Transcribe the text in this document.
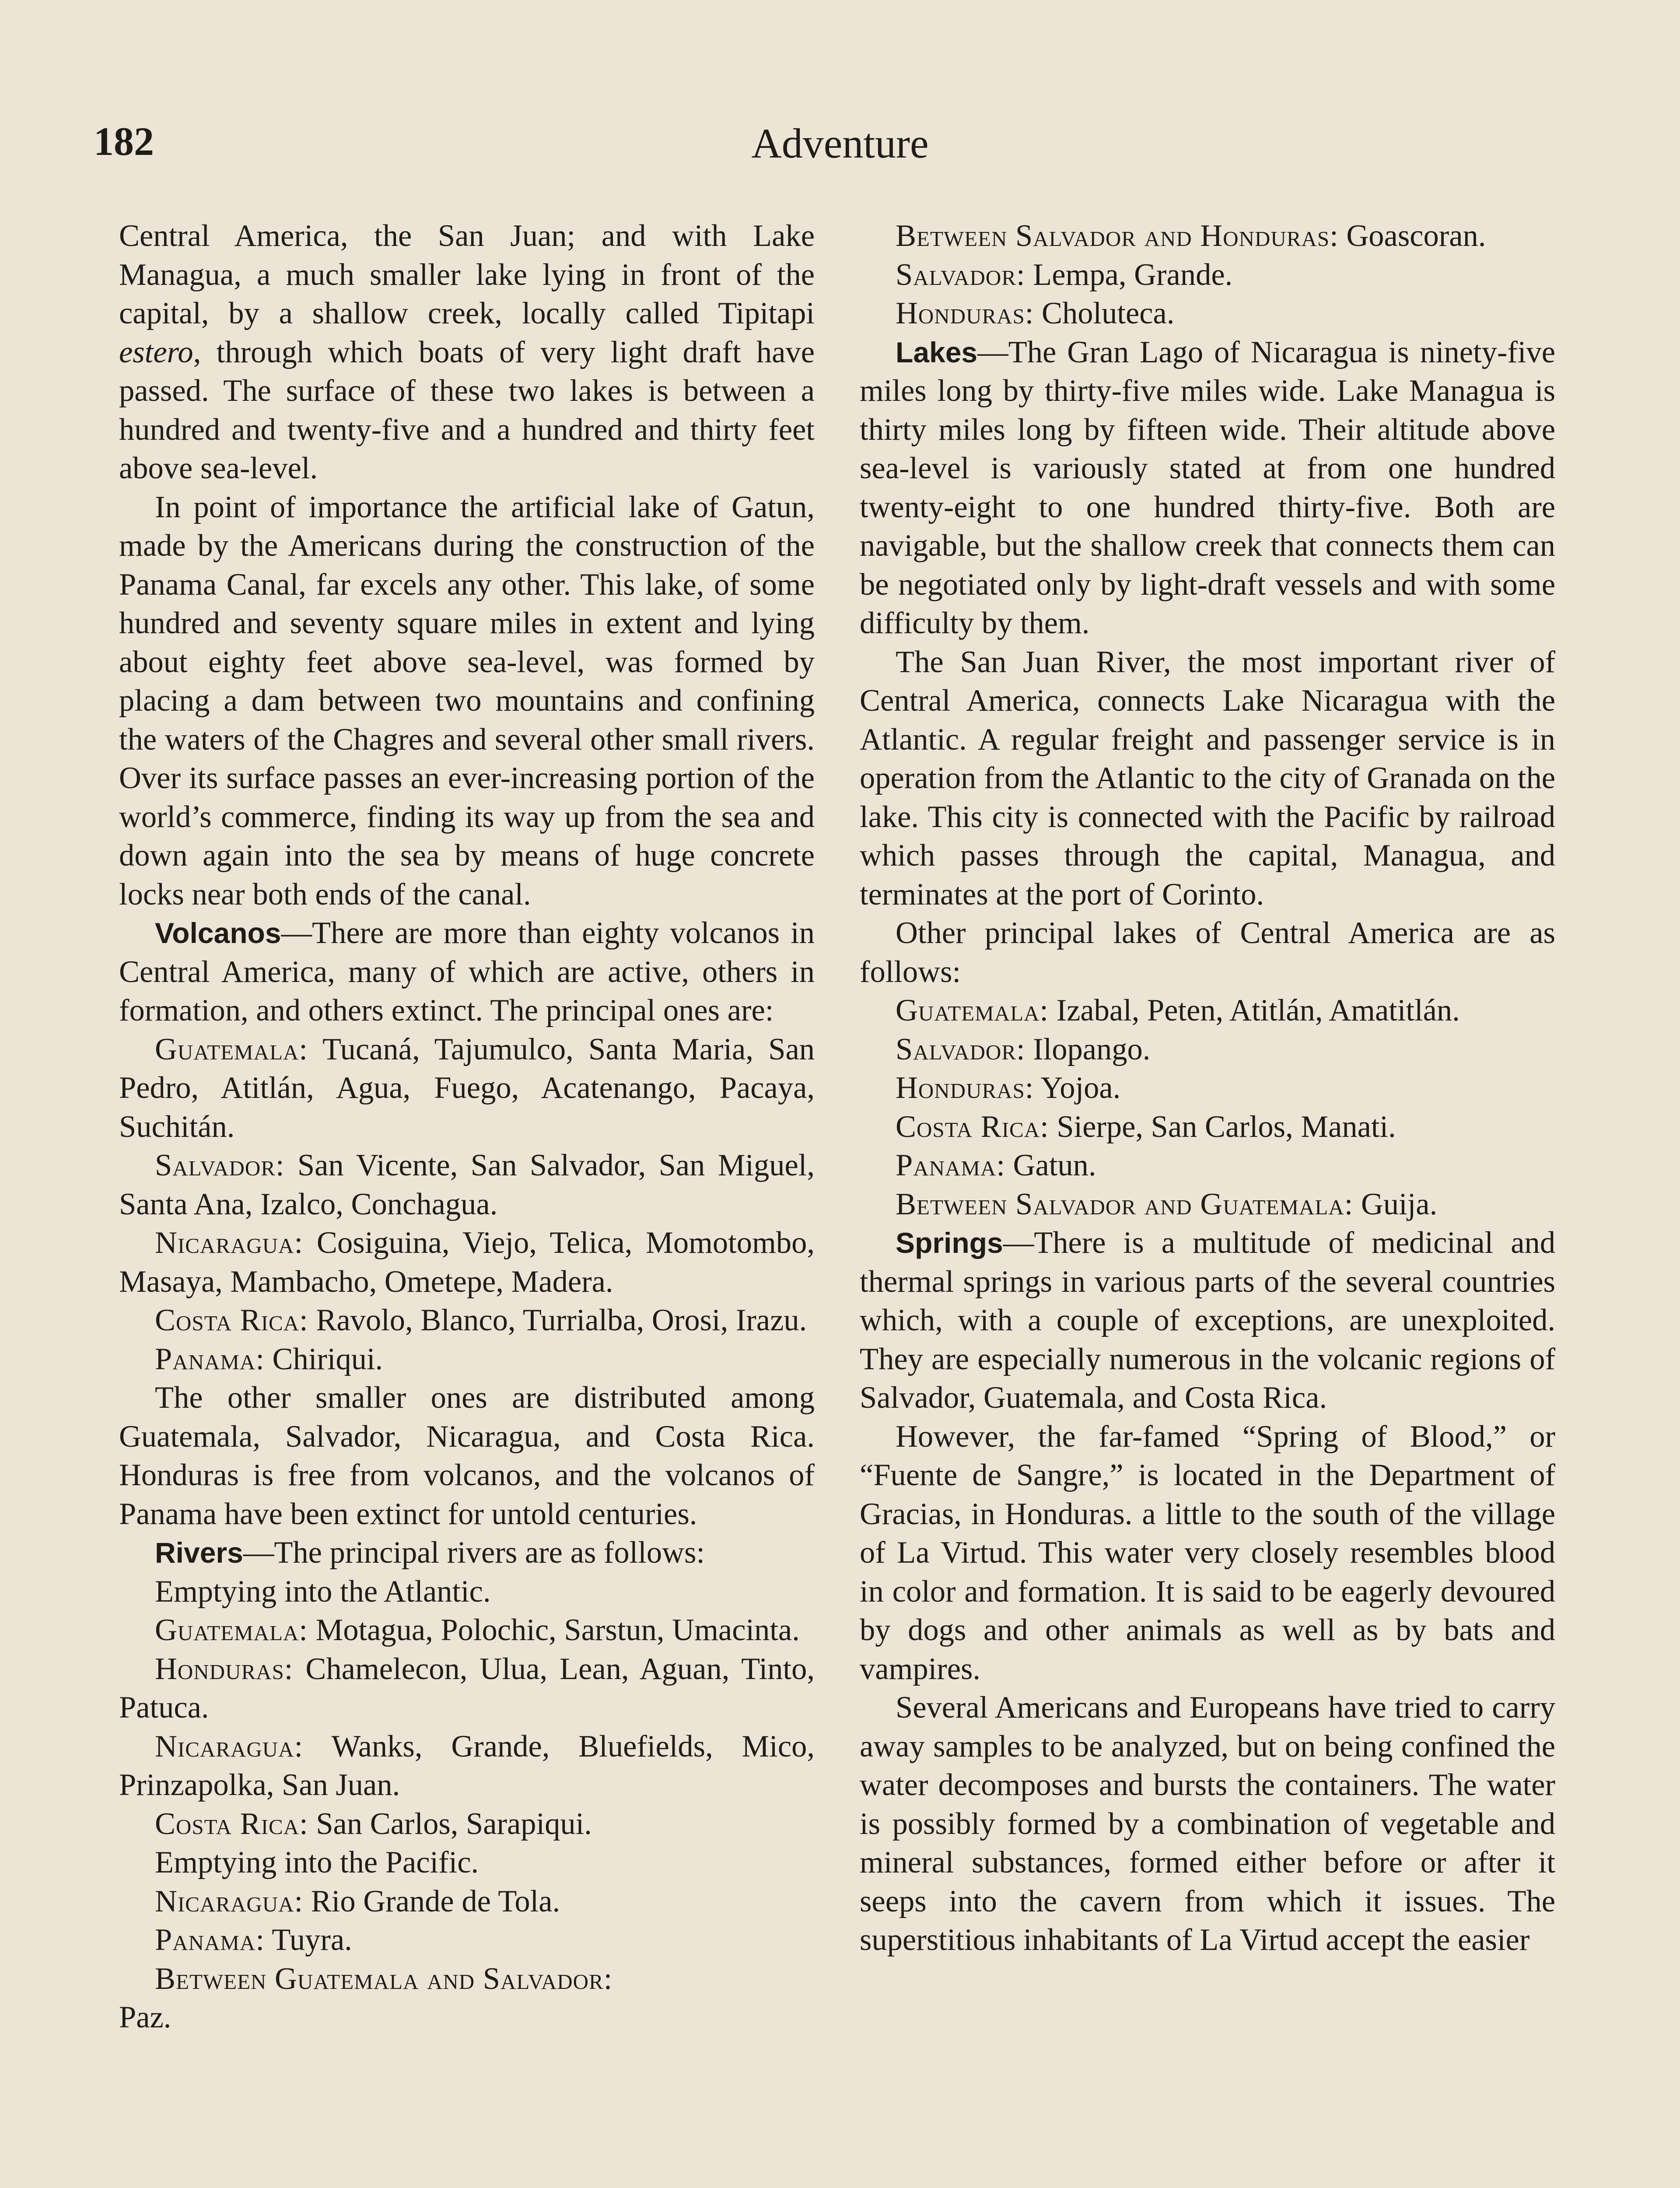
182	Adventure

Central America, the San Juan; and with Lake Managua, a much smaller lake lying in front of the capital, by a shallow creek, locally called Tipitapi estero, through which boats of very light draft have passed. The surface of these two lakes is between a hundred and twenty-five and a hundred and thirty feet above sea-level.

In point of importance the artificial lake of Gatun, made by the Americans during the construction of the Panama Canal, far excels any other. This lake, of some hundred and seventy square miles in extent and lying about eighty feet above sea-level, was formed by placing a dam between two mountains and confining the waters of the Chagres and several other small rivers. Over its surface passes an ever-increasing portion of the world’s commerce, finding its way up from the sea and down again into the sea by means of huge concrete locks near both ends of the canal.

Volcanos—There are more than eighty volcanos in Central America, many of which are active, others in formation, and others extinct. The principal ones are:

Guatemala: Tucaná, Tajumulco, Santa Maria, San Pedro, Atitlán, Agua, Fuego, Acatenango, Pacaya, Suchitán.

Salvador: San Vicente, San Salvador, San Miguel, Santa Ana, Izalco, Conchagua.

Nicaragua: Cosiguina, Viejo, Telica, Momotombo, Masaya, Mambacho, Ometepe, Madera.

Costa Rica: Ravolo, Blanco, Turrialba, Orosi, Irazu.

Panama: Chiriqui.

The other smaller ones are distributed among Guatemala, Salvador, Nicaragua, and Costa Rica. Honduras is free from volcanos, and the volcanos of Panama have been extinct for untold centuries.

Rivers—The principal rivers are as follows:

Emptying into the Atlantic.

Guatemala: Motagua, Polochic, Sarstun, Umacinta.

Honduras: Chamelecon, Ulua, Lean, Aguan, Tinto, Patuca.

Nicaragua: Wanks, Grande, Bluefields, Mico, Prinzapolka, San Juan.

Costa Rica: San Carlos, Sarapiqui.

Emptying into the Pacific.

Nicaragua: Rio Grande de Tola.

Panama: Tuyra.

Between Guatemala and Salvador:
Paz.

Between Salvador and Honduras: Goascoran.

Salvador: Lempa, Grande.

Honduras: Choluteca.

Lakes—The Gran Lago of Nicaragua is ninety-five miles long by thirty-five miles wide. Lake Managua is thirty miles long by fifteen wide. Their altitude above sea-level is variously stated at from one hundred twenty-eight to one hundred thirty-five. Both are navigable, but the shallow creek that connects them can be negotiated only by light-draft vessels and with some difficulty by them.

The San Juan River, the most important river of Central America, connects Lake Nicaragua with the Atlantic. A regular freight and passenger service is in operation from the Atlantic to the city of Granada on the lake. This city is connected with the Pacific by railroad which passes through the capital, Managua, and terminates at the port of Corinto.

Other principal lakes of Central America are as follows:

Guatemala: Izabal, Peten, Atitlán, Amatitlán.

Salvador: Ilopango.

Honduras: Yojoa.

Costa Rica: Sierpe, San Carlos, Manati.

Panama: Gatun.

Between Salvador and Guatemala: Guija.

Springs—There is a multitude of medicinal and thermal springs in various parts of the several countries which, with a couple of exceptions, are unexploited. They are especially numerous in the volcanic regions of Salvador, Guatemala, and Costa Rica.

However, the far-famed “Spring of Blood,” or “Fuente de Sangre,” is located in the Department of Gracias, in Honduras. a little to the south of the village of La Virtud. This water very closely resembles blood in color and formation. It is said to be eagerly devoured by dogs and other animals as well as by bats and vampires.

Several Americans and Europeans have tried to carry away samples to be analyzed, but on being confined the water decomposes and bursts the containers. The water is possibly formed by a combination of vegetable and mineral substances, formed either before or after it seeps into the cavern from which it issues. The superstitious inhabitants of La Virtud accept the easier
